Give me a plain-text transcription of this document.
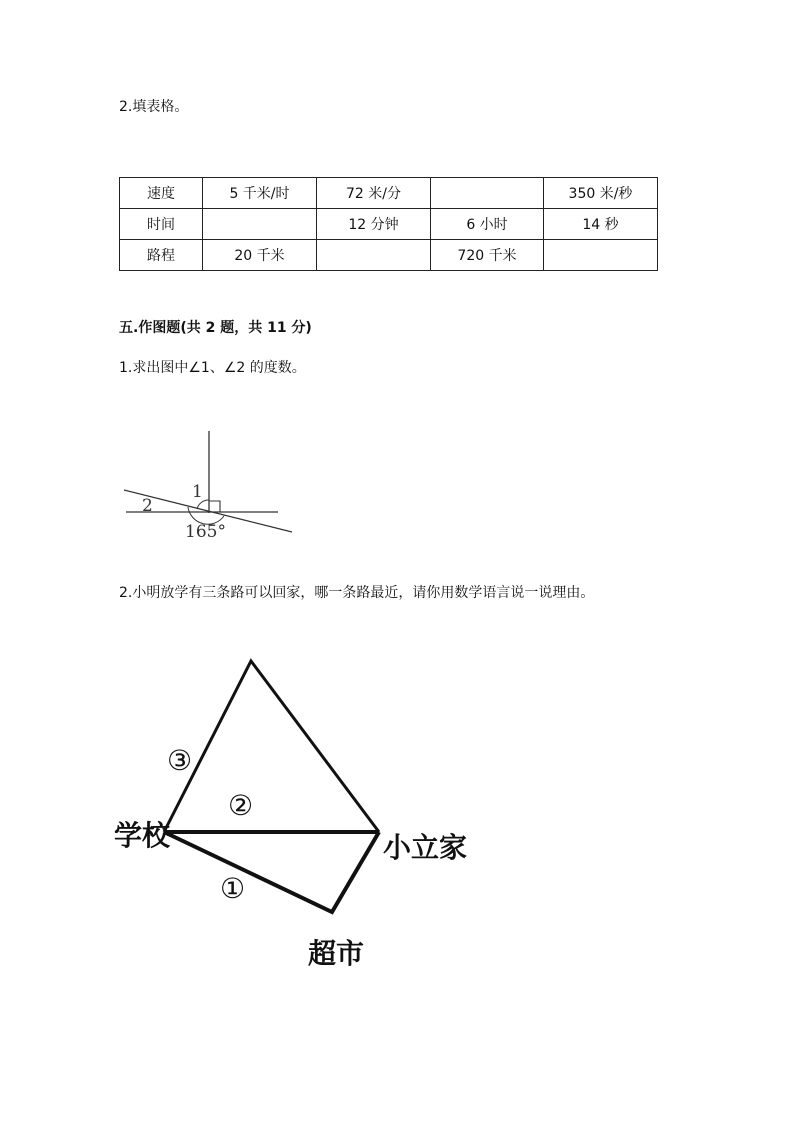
2.填表格。
速度	5 千米/时	72 米/分		350 米/秒
时间		12 分钟	6 小时	14 秒
路程	20 千米		720 千米	
五.作图题(共 2 题，共 11 分)
1.求出图中∠1、∠2 的度数。
1
2
165°
2.小明放学有三条路可以回家，哪一条路最近，请你用数学语言说一说理由。
③
②
①
学校	小立家
超市
